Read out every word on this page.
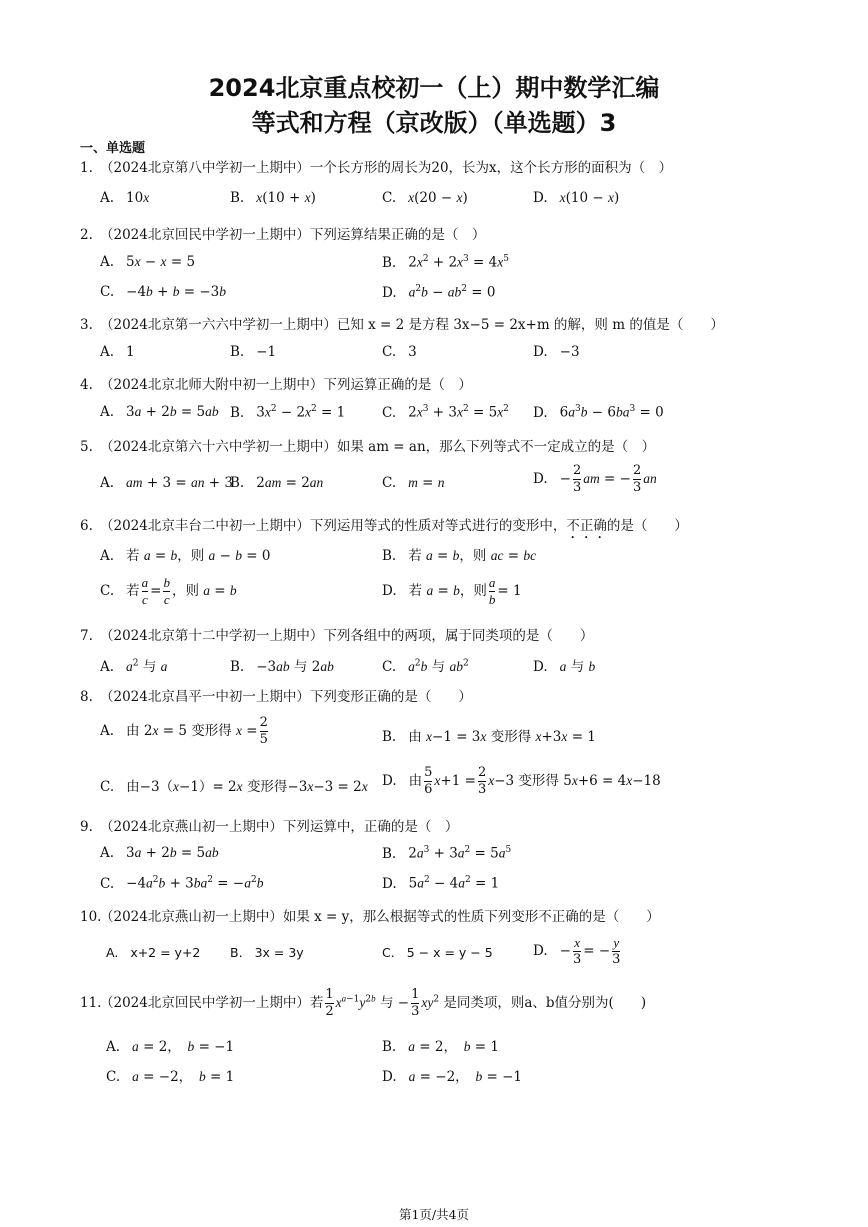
2024北京重点校初一（上）期中数学汇编
等式和方程（京改版）（单选题）3
一、单选题
1. （2024北京第八中学初一上期中）一个长方形的周长为20，长为x，这个长方形的面积为（　）
A. 10x	B. x(10 + x)	C. x(20 − x)	D. x(10 − x)
2. （2024北京回民中学初一上期中）下列运算结果正确的是（　）
A. 5x − x = 5	B. $2x^2 + 2x^3 = 4x^5$
C. −4b + b = −3b	D. $a^2b - ab^2 = 0$
3. （2024北京第一六六中学初一上期中）已知 x = 2 是方程 3x−5 = 2x+m 的解，则 m 的值是（　　）
A. 1	B. −1	C. 3	D. −3
4. （2024北京北师大附中初一上期中）下列运算正确的是（　）
A. 3a + 2b = 5ab B. $3x^2 - 2x^2 = 1$	C. $2x^3 + 3x^2 = 5x^2$ D. $6a^3b - 6ba^3 = 0$
5. （2024北京第六十六中学初一上期中）如果 am = an，那么下列等式不一定成立的是（　）
A. am + 3 = an + 3
B. 2am = 2an	C. m = n	D. − $\frac{2}{3}$ am = − $\frac{2}{3}$ an
6. （2024北京丰台二中初一上期中）下列运用等式的性质对等式进行的变形中，不正确的是（　　）
A. 若 a = b，则 a − b = 0	B. 若 a = b，则 ac = bc
C. 若 $\frac{a}{c} = \frac{b}{c}$ ，则 a = b	D. 若 a = b，则 $\frac{a}{b} = 1$
7. （2024北京第十二中学初一上期中）下列各组中的两项，属于同类项的是（　　）
A. $a^2$ 与 a	B. −3ab 与 2ab	C. $a^2b$ 与 $ab^2$	D. a 与 b
8. （2024北京昌平一中初一上期中）下列变形正确的是（　　）
A. 由 2x = 5 变形得 $x = \frac{2}{5}$	B. 由 x−1 = 3x 变形得 x+3x = 1
C. 由−3（x−1）= 2x 变形得−3x−3 = 2x D. 由 $\frac{5}{6} x+1 = \frac{2}{3} x-3$ 变形得 5x+6 = 4x−18
9. （2024北京燕山初一上期中）下列运算中，正确的是（　）
A. 3a + 2b = 5ab	B. $2a^3 + 3a^2 = 5a^5$
C. $-4a^2b + 3ba^2 = -a^2b$	D. $5a^2 - 4a^2 = 1$
10.（2024北京燕山初一上期中）如果 x = y，那么根据等式的性质下列变形不正确的是（　　）
A. x+2 = y+2 B. 3x = 3y	C. 5 − x = y − 5	D. − $\frac{x}{3}$ = − $\frac{y}{3}$
11.（2024北京回民中学初一上期中）若 $\frac{1}{2} x^{a-1}y^{2b}$ 与 − $\frac{1}{3} xy^2$ 是同类项，则a、b值分别为(　　)
A. a = 2，　b = −1	B. a = 2，　b = 1
C. a = −2，　b = 1	D. a = −2，　b = −1
第1页/共4页
